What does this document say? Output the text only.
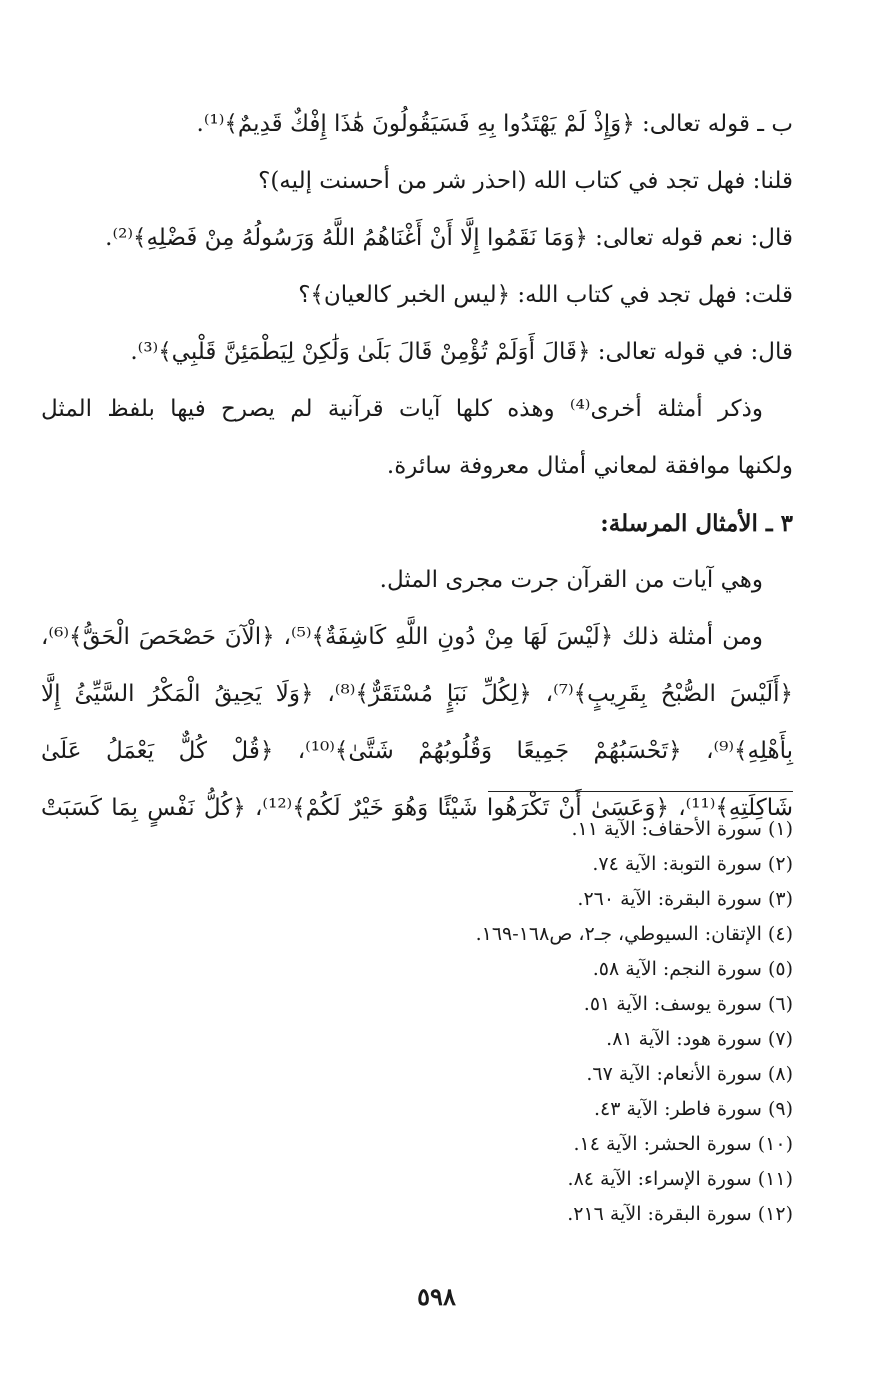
ب ـ قوله تعالى: ﴿وَإِذْ لَمْ يَهْتَدُوا بِهِ فَسَيَقُولُونَ هَٰذَا إِفْكٌ قَدِيمٌ﴾⁽¹⁾.
قلنا: فهل تجد في كتاب الله (احذر شر من أحسنت إليه)؟
قال: نعم قوله تعالى: ﴿وَمَا نَقَمُوا إِلَّا أَنْ أَغْنَاهُمُ اللَّهُ وَرَسُولُهُ مِنْ فَضْلِهِ﴾⁽²⁾.
قلت: فهل تجد في كتاب الله: ﴿ليس الخبر كالعيان﴾؟
قال: في قوله تعالى: ﴿قَالَ أَوَلَمْ تُؤْمِنْ قَالَ بَلَىٰ وَلَٰكِنْ لِيَطْمَئِنَّ قَلْبِي﴾⁽³⁾.
وذكر أمثلة أخرى⁽⁴⁾ وهذه كلها آيات قرآنية لم يصرح فيها بلفظ المثل
ولكنها موافقة لمعاني أمثال معروفة سائرة.
٣ ـ الأمثال المرسلة:
وهي آيات من القرآن جرت مجرى المثل.
ومن أمثلة ذلك ﴿لَيْسَ لَهَا مِنْ دُونِ اللَّهِ كَاشِفَةٌ﴾⁽⁵⁾، ﴿الْآنَ حَصْحَصَ الْحَقُّ﴾⁽⁶⁾،
﴿أَلَيْسَ الصُّبْحُ بِقَرِيبٍ﴾⁽⁷⁾، ﴿لِكُلِّ نَبَإٍ مُسْتَقَرٌّ﴾⁽⁸⁾، ﴿وَلَا يَحِيقُ الْمَكْرُ السَّيِّئُ إِلَّا
بِأَهْلِهِ﴾⁽⁹⁾، ﴿تَحْسَبُهُمْ جَمِيعًا وَقُلُوبُهُمْ شَتَّىٰ﴾⁽¹⁰⁾، ﴿قُلْ كُلٌّ يَعْمَلُ عَلَىٰ
شَاكِلَتِهِ﴾⁽¹¹⁾، ﴿وَعَسَىٰ أَنْ تَكْرَهُوا شَيْئًا وَهُوَ خَيْرٌ لَكُمْ﴾⁽¹²⁾، ﴿كُلُّ نَفْسٍ بِمَا كَسَبَتْ
(١) سورة الأحقاف: الآية ١١.
(٢) سورة التوبة: الآية ٧٤.
(٣) سورة البقرة: الآية ٢٦٠.
(٤) الإتقان: السيوطي، جـ٢، ص١٦٨-١٦٩.
(٥) سورة النجم: الآية ٥٨.
(٦) سورة يوسف: الآية ٥١.
(٧) سورة هود: الآية ٨١.
(٨) سورة الأنعام: الآية ٦٧.
(٩) سورة فاطر: الآية ٤٣.
(١٠) سورة الحشر: الآية ١٤.
(١١) سورة الإسراء: الآية ٨٤.
(١٢) سورة البقرة: الآية ٢١٦.
٥٩٨
